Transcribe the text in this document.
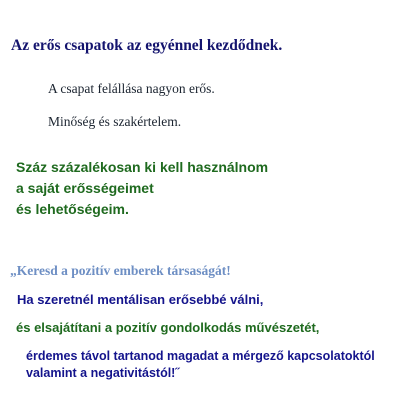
Az erős csapatok az egyénnel kezdődnek.
A csapat felállása nagyon erős.
Minőség és szakértelem.
Száz százalékosan ki kell használnom
a saját erősségeimet
és lehetőségeim.
„Keresd a pozitív emberek társaságát!
Ha szeretnél mentálisan erősebbé válni,
és elsajátítani a pozitív gondolkodás művészetét,
érdemes távol tartanod magadat a mérgező kapcsolatoktól
valamint a negativitástól!˝
